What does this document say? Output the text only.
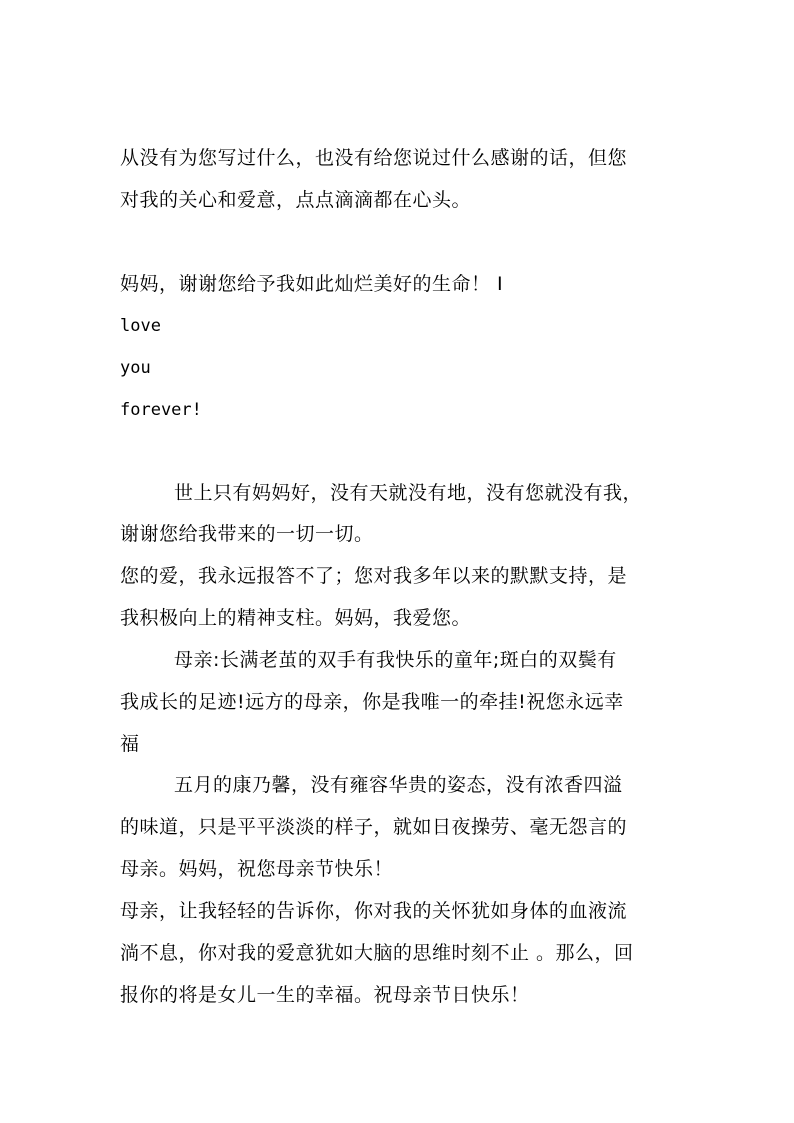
从没有为您写过什么，也没有给您说过什么感谢的话，但您
对我的关心和爱意，点点滴滴都在心头。
妈妈，谢谢您给予我如此灿烂美好的生命！ I
love
you
forever!
世上只有妈妈好，没有天就没有地，没有您就没有我，
谢谢您给我带来的一切一切。
您的爱，我永远报答不了；您对我多年以来的默默支持，是
我积极向上的精神支柱。妈妈，我爱您。
母亲:长满老茧的双手有我快乐的童年;斑白的双鬓有
我成长的足迹!远方的母亲，你是我唯一的牵挂!祝您永远幸
福
五月的康乃馨，没有雍容华贵的姿态，没有浓香四溢
的味道，只是平平淡淡的样子，就如日夜操劳、毫无怨言的
母亲。妈妈，祝您母亲节快乐！
母亲，让我轻轻的告诉你，你对我的关怀犹如身体的血液流
淌不息，你对我的爱意犹如大脑的思维时刻不止 。那么，回
报你的将是女儿一生的幸福。祝母亲节日快乐！
